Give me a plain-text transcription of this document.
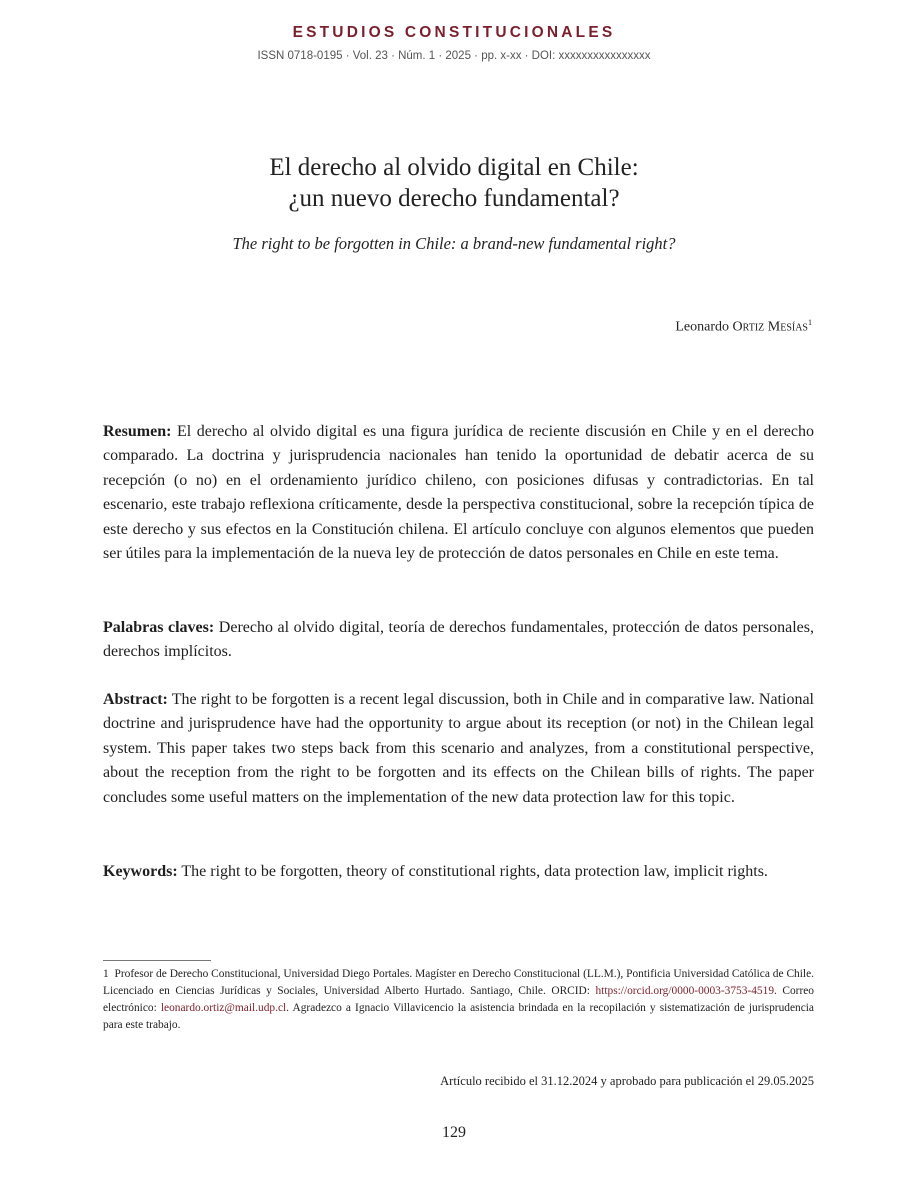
ESTUDIOS CONSTITUCIONALES
ISSN 0718-0195 · Vol. 23 · Núm. 1 · 2025 · pp. x-xx · DOI: xxxxxxxxxxxxxxxx
El derecho al olvido digital en Chile:
¿un nuevo derecho fundamental?
The right to be forgotten in Chile: a brand-new fundamental right?
Leonardo Ortiz Mesías$^1$
Resumen: El derecho al olvido digital es una figura jurídica de reciente discusión en Chile y en el derecho comparado. La doctrina y jurisprudencia nacionales han tenido la oportunidad de debatir acerca de su recepción (o no) en el ordenamiento jurídico chileno, con posiciones difusas y contradictorias. En tal escenario, este trabajo reflexiona críticamente, desde la perspectiva constitucional, sobre la recepción típica de este derecho y sus efectos en la Constitución chilena. El artículo concluye con algunos elementos que pueden ser útiles para la implementación de la nueva ley de protección de datos personales en Chile en este tema.
Palabras claves: Derecho al olvido digital, teoría de derechos fundamentales, protección de datos personales, derechos implícitos.
Abstract: The right to be forgotten is a recent legal discussion, both in Chile and in comparative law. National doctrine and jurisprudence have had the opportunity to argue about its reception (or not) in the Chilean legal system. This paper takes two steps back from this scenario and analyzes, from a constitutional perspective, about the reception from the right to be forgotten and its effects on the Chilean bills of rights. The paper concludes some useful matters on the implementation of the new data protection law for this topic.
Keywords: The right to be forgotten, theory of constitutional rights, data protection law, implicit rights.
1 Profesor de Derecho Constitucional, Universidad Diego Portales. Magíster en Derecho Constitucional (LL.M.), Pontificia Universidad Católica de Chile. Licenciado en Ciencias Jurídicas y Sociales, Universidad Alberto Hurtado. Santiago, Chile. ORCID: https://orcid.org/0000-0003-3753-4519. Correo electrónico: leonardo.ortiz@mail.udp.cl. Agradezco a Ignacio Villavicencio la asistencia brindada en la recopilación y sistematización de jurisprudencia para este trabajo.
Artículo recibido el 31.12.2024 y aprobado para publicación el 29.05.2025
129
